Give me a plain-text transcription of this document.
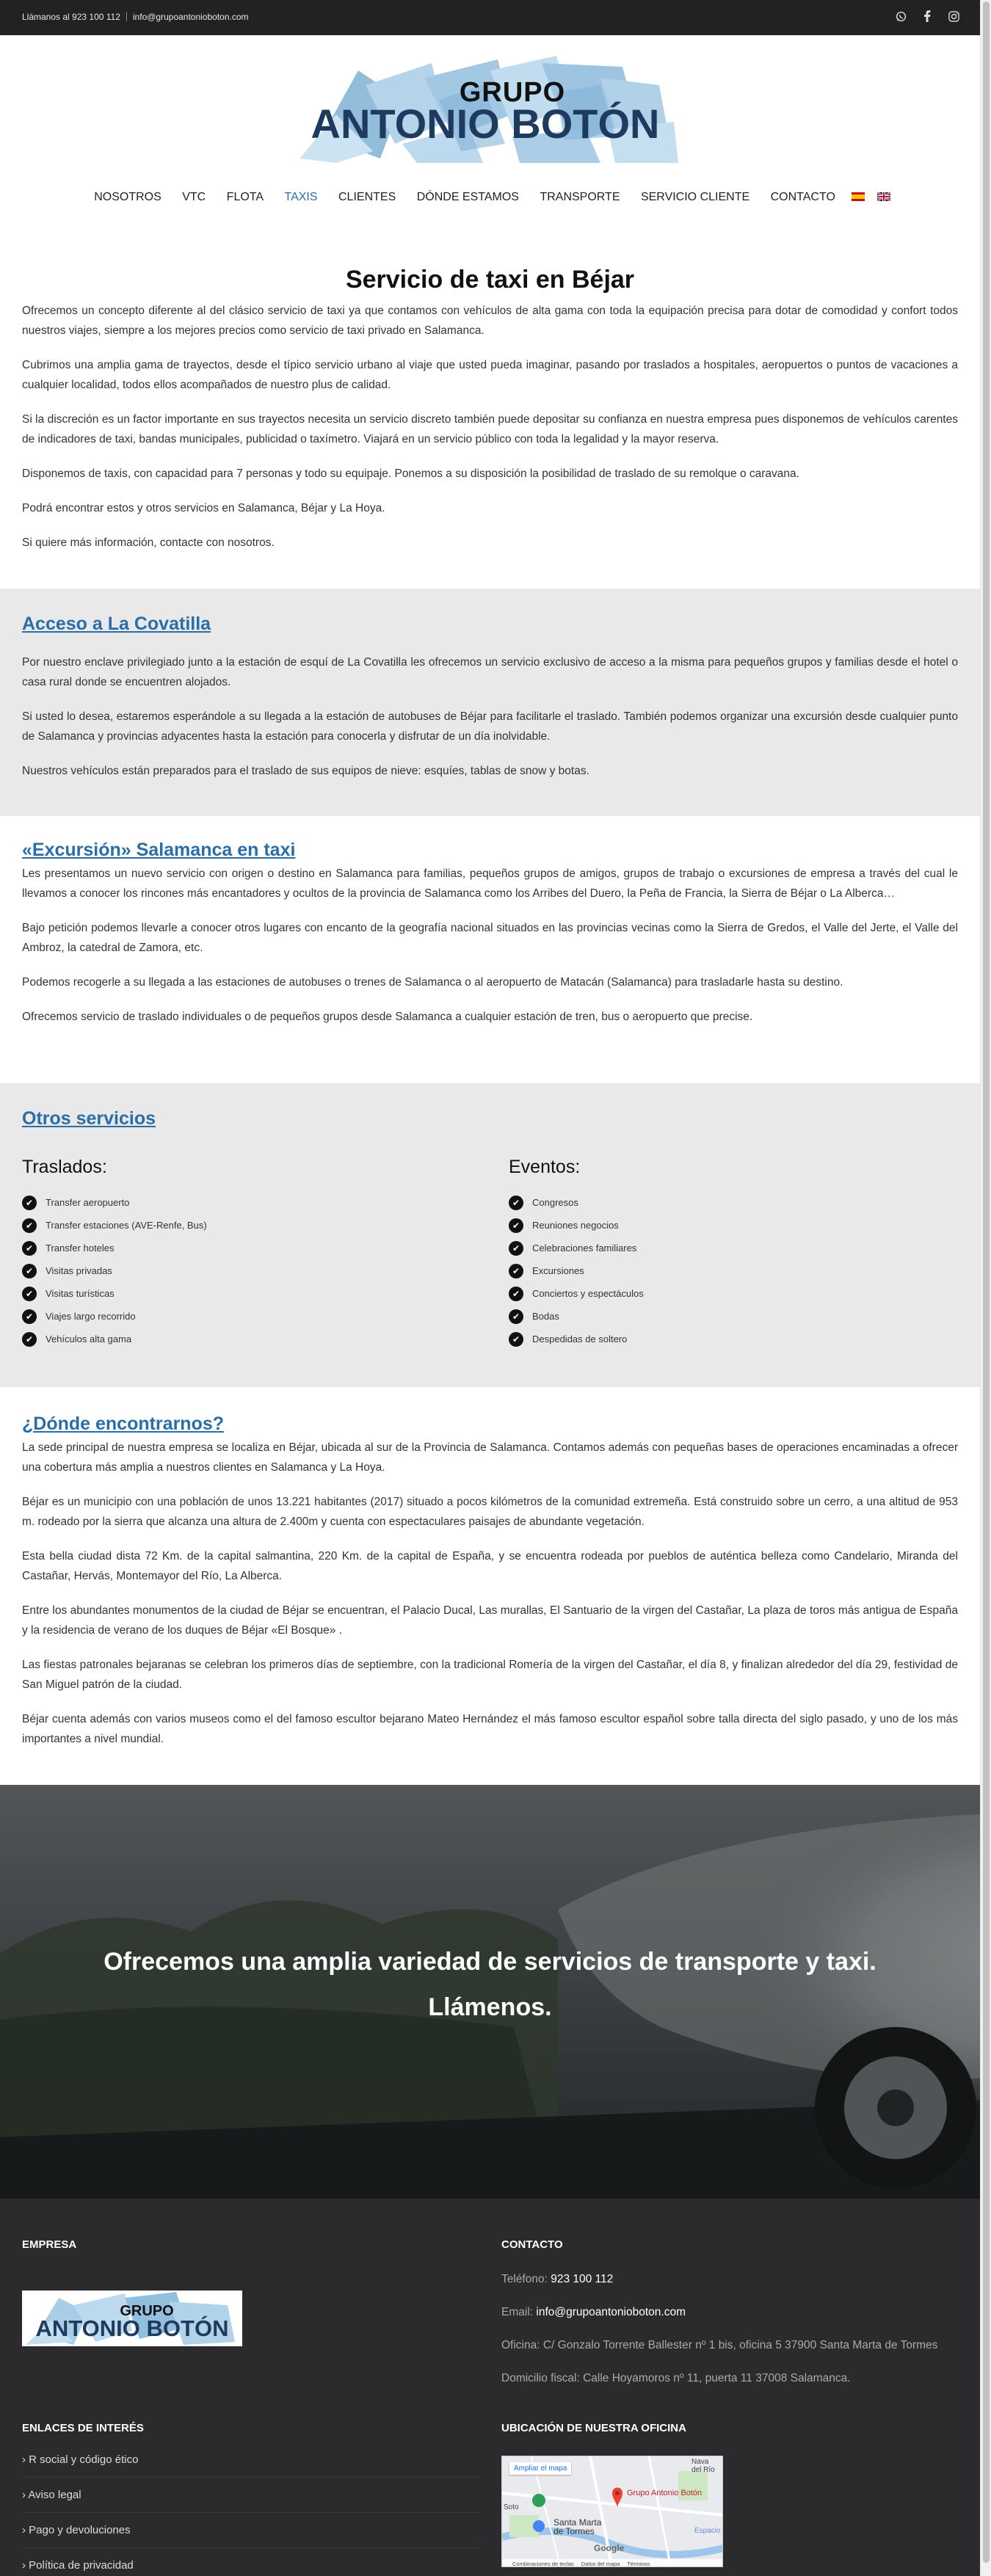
Llámanos al 923 100 112 info@grupoantonioboton.com
GRUPO
ANTONIO BOTÓN
NOSOTROS VTC FLOTA TAXIS CLIENTES DÓNDE ESTAMOS TRANSPORTE SERVICIO CLIENTE CONTACTO
Servicio de taxi en Béjar

Ofrecemos un concepto diferente al del clásico servicio de taxi ya que contamos con vehículos de alta gama con toda la equipación precisa para dotar de comodidad y confort todos nuestros viajes, siempre a los mejores precios como servicio de taxi privado en Salamanca.

Cubrimos una amplia gama de trayectos, desde el típico servicio urbano al viaje que usted pueda imaginar, pasando por traslados a hospitales, aeropuertos o puntos de vacaciones a cualquier localidad, todos ellos acompañados de nuestro plus de calidad.

Si la discreción es un factor importante en sus trayectos necesita un servicio discreto también puede depositar su confianza en nuestra empresa pues disponemos de vehículos carentes de indicadores de taxi, bandas municipales, publicidad o taxímetro. Viajará en un servicio público con toda la legalidad y la mayor reserva.

Disponemos de taxis, con capacidad para 7 personas y todo su equipaje. Ponemos a su disposición la posibilidad de traslado de su remolque o caravana.

Podrá encontrar estos y otros servicios en Salamanca, Béjar y La Hoya.

Si quiere más información, contacte con nosotros.

Acceso a La Covatilla

Por nuestro enclave privilegiado junto a la estación de esquí de La Covatilla les ofrecemos un servicio exclusivo de acceso a la misma para pequeños grupos y familias desde el hotel o casa rural donde se encuentren alojados.

Si usted lo desea, estaremos esperándole a su llegada a la estación de autobuses de Béjar para facilitarle el traslado. También podemos organizar una excursión desde cualquier punto de Salamanca y provincias adyacentes hasta la estación para conocerla y disfrutar de un día inolvidable.

Nuestros vehículos están preparados para el traslado de sus equipos de nieve: esquíes, tablas de snow y botas.

«Excursión» Salamanca en taxi

Les presentamos un nuevo servicio con origen o destino en Salamanca para familias, pequeños grupos de amigos, grupos de trabajo o excursiones de empresa a través del cual le llevamos a conocer los rincones más encantadores y ocultos de la provincia de Salamanca como los Arribes del Duero, la Peña de Francia, la Sierra de Béjar o La Alberca…

Bajo petición podemos llevarle a conocer otros lugares con encanto de la geografía nacional situados en las provincias vecinas como la Sierra de Gredos, el Valle del Jerte, el Valle del Ambroz, la catedral de Zamora, etc.

Podemos recogerle a su llegada a las estaciones de autobuses o trenes de Salamanca o al aeropuerto de Matacán (Salamanca) para trasladarle hasta su destino.

Ofrecemos servicio de traslado individuales o de pequeños grupos desde Salamanca a cualquier estación de tren, bus o aeropuerto que precise.

Otros servicios
Traslados:
✔	Transfer aeropuerto
✔	Transfer estaciones (AVE-Renfe, Bus)
✔	Transfer hoteles
✔	Visitas privadas
✔	Visitas turísticas
✔	Viajes largo recorrido
✔	Vehículos alta gama
Eventos:
✔	Congresos
✔	Reuniones negocios
✔	Celebraciones familiares
✔	Excursiones
✔	Conciertos y espectáculos
✔	Bodas
✔	Despedidas de soltero
¿Dónde encontrarnos?

La sede principal de nuestra empresa se localiza en Béjar, ubicada al sur de la Provincia de Salamanca. Contamos además con pequeñas bases de operaciones encaminadas a ofrecer una cobertura más amplia a nuestros clientes en Salamanca y La Hoya.

Béjar es un municipio con una población de unos 13.221 habitantes (2017) situado a pocos kilómetros de la comunidad extremeña. Está construido sobre un cerro, a una altitud de 953 m. rodeado por la sierra que alcanza una altura de 2.400m y cuenta con espectaculares paisajes de abundante vegetación.

Esta bella ciudad dista 72 Km. de la capital salmantina, 220 Km. de la capital de España, y se encuentra rodeada por pueblos de auténtica belleza como Candelario, Miranda del Castañar, Hervás, Montemayor del Río, La Alberca.

Entre los abundantes monumentos de la ciudad de Béjar se encuentran, el Palacio Ducal, Las murallas, El Santuario de la virgen del Castañar, La plaza de toros más antigua de España y la residencia de verano de los duques de Béjar «El Bosque» .

Las fiestas patronales bejaranas se celebran los primeros días de septiembre, con la tradicional Romería de la virgen del Castañar, el día 8, y finalizan alrededor del día 29, festividad de San Miguel patrón de la ciudad.

Béjar cuenta además con varios museos como el del famoso escultor bejarano Mateo Hernández el más famoso escultor español sobre talla directa del siglo pasado, y uno de los más importantes a nivel mundial.

Ofrecemos una amplia variedad de servicios de transporte y taxi.
Llámenos.
EMPRESA
GRUPO
ANTONIO BOTÓN
ENLACES DE INTERÉS
› R social y código ético
› Aviso legal
› Pago y devoluciones
› Política de privacidad
CONTACTO
Teléfono: 923 100 112
Email: info@grupoantonioboton.com
Oficina: C/ Gonzalo Torrente Ballester nº 1 bis, oficina 5 37900 Santa Marta de Tormes
Domicilio fiscal: Calle Hoyamoros nº 11, puerta 11 37008 Salamanca.
UBICACIÓN DE NUESTRA OFICINA
Ampliar el mapa
Nava
del Río
Grupo Antonio Botón
Santa Marta
de Tormes
Soto
Espacio
Google
Combinaciones de teclas Datos del mapa Términos
